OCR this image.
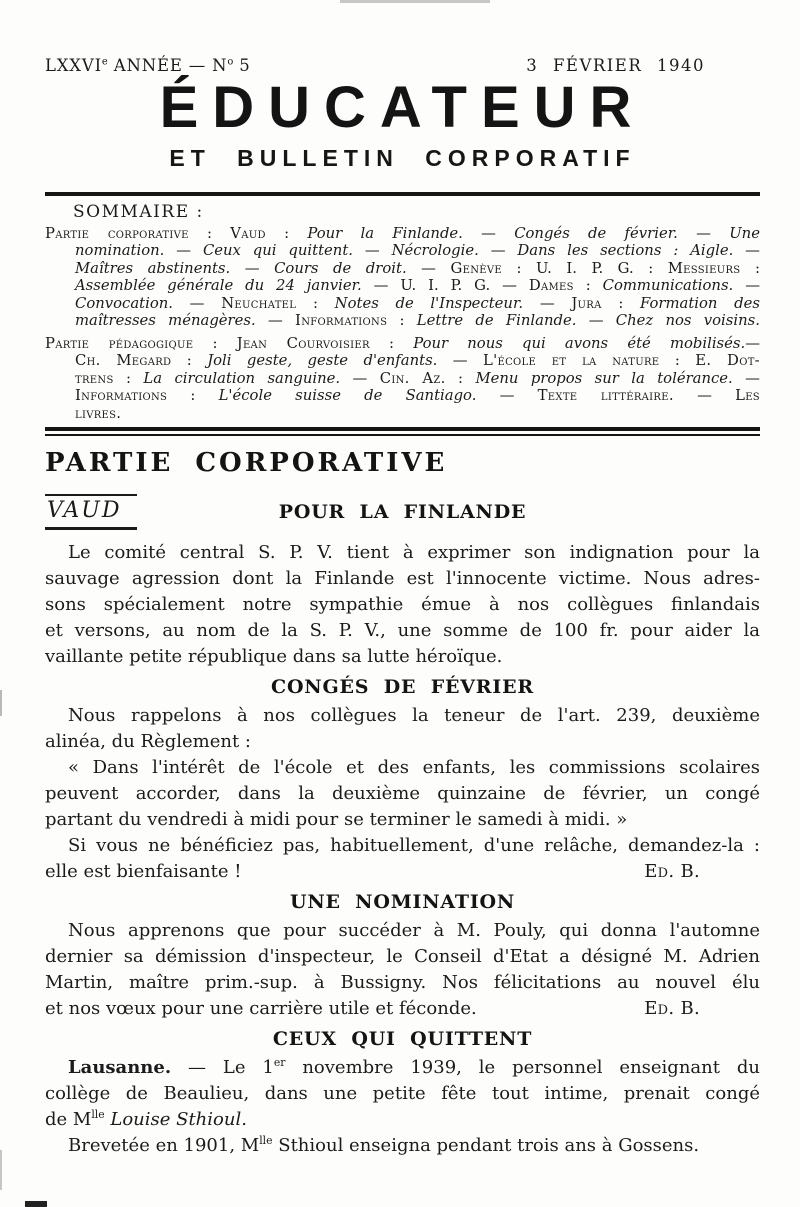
LXXVIe ANNÉE — $N^o$ 5	3 FÉVRIER 1940
ÉDUCATEUR
ET BULLETIN CORPORATIF
SOMMAIRE :
Partie corporative : Vaud : Pour la Finlande. — Congés de février. — Une
nomination. — Ceux qui quittent. — Nécrologie. — Dans les sections : Aigle. —
Maîtres abstinents. — Cours de droit. — Genève : U. I. P. G. : Messieurs :
Assemblée générale du 24 janvier. — U. I. P. G. — Dames : Communications. —
Convocation. — Neuchatel : Notes de l'Inspecteur. — Jura : Formation des
maîtresses ménagères. — Informations : Lettre de Finlande. — Chez nos voisins.
Partie pédagogique : Jean Courvoisier : Pour nous qui avons été mobilisés.—
Ch. Megard : Joli geste, geste d'enfants. — L'école et la nature : E. Dot-
trens : La circulation sanguine. — Cin. Az. : Menu propos sur la tolérance. —
Informations : L'école suisse de Santiago. — Texte littéraire. — Les
livres.
PARTIE CORPORATIVE
VAUD	POUR LA FINLANDE

Le comité central S. P. V. tient à exprimer son indignation pour la
sauvage agression dont la Finlande est l'innocente victime. Nous adres-
sons spécialement notre sympathie émue à nos collègues finlandais
et versons, au nom de la S. P. V., une somme de 100 fr. pour aider la
vaillante petite république dans sa lutte héroïque.

CONGÉS DE FÉVRIER

Nous rappelons à nos collègues la teneur de l'art. 239, deuxième
alinéa, du Règlement :

« Dans l'intérêt de l'école et des enfants, les commissions scolaires
peuvent accorder, dans la deuxième quinzaine de février, un congé
partant du vendredi à midi pour se terminer le samedi à midi. »

Si vous ne bénéficiez pas, habituellement, d'une relâche, demandez-la :
elle est bienfaisante !	Ed. B.

UNE NOMINATION

Nous apprenons que pour succéder à M. Pouly, qui donna l'automne
dernier sa démission d'inspecteur, le Conseil d'Etat a désigné M. Adrien
Martin, maître prim.-sup. à Bussigny. Nos félicitations au nouvel élu
et nos vœux pour une carrière utile et féconde.	Ed. B.

CEUX QUI QUITTENT

Lausanne. — Le 1er novembre 1939, le personnel enseignant du
collège de Beaulieu, dans une petite fête tout intime, prenait congé
de $M^{lle}$ Louise Sthioul.

Brevetée en 1901, $M^{lle}$ Sthioul enseigna pendant trois ans à Gossens.
